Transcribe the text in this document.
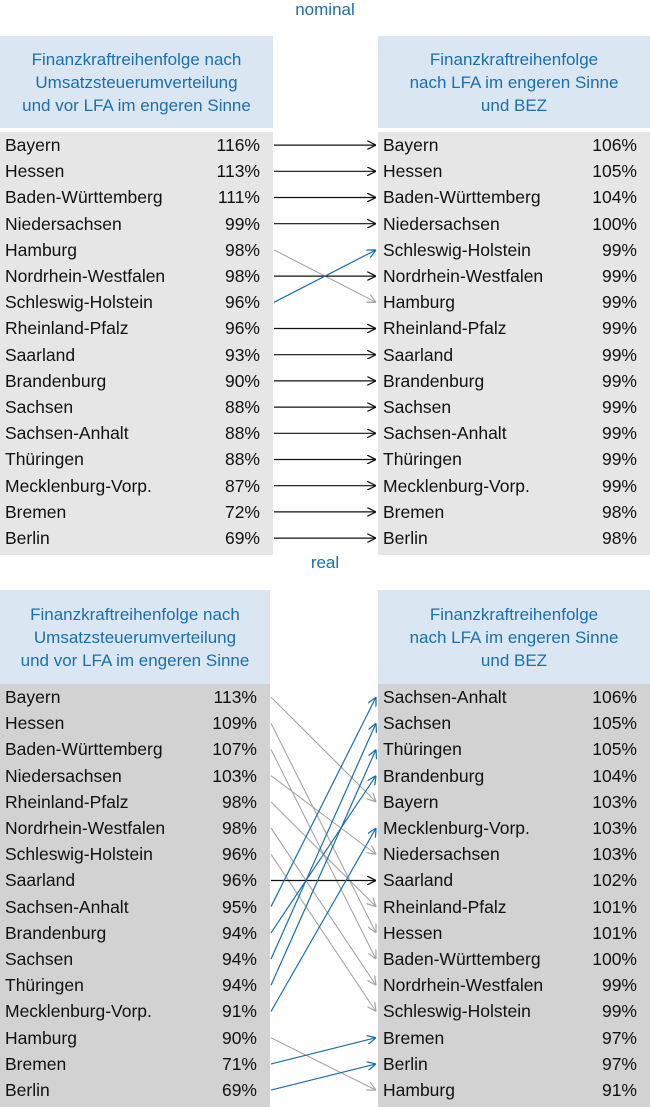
nominal
Finanzkraftreihenfolge nach
Umsatzsteuerumverteilung
und vor LFA im engeren Sinne
Bayern	116%
Hessen	113%
Baden-Württemberg	111%
Niedersachsen	99%
Hamburg	98%
Nordrhein-Westfalen	98%
Schleswig-Holstein	96%
Rheinland-Pfalz	96%
Saarland	93%
Brandenburg	90%
Sachsen	88%
Sachsen-Anhalt	88%
Thüringen	88%
Mecklenburg-Vorp.	87%
Bremen	72%
Berlin	69%
Finanzkraftreihenfolge
nach LFA im engeren Sinne
und BEZ
Bayern	106%
Hessen	105%
Baden-Württemberg	104%
Niedersachsen	100%
Schleswig-Holstein	99%
Nordrhein-Westfalen	99%
Hamburg	99%
Rheinland-Pfalz	99%
Saarland	99%
Brandenburg	99%
Sachsen	99%
Sachsen-Anhalt	99%
Thüringen	99%
Mecklenburg-Vorp.	99%
Bremen	98%
Berlin	98%
real
Finanzkraftreihenfolge nach
Umsatzsteuerumverteilung
und vor LFA im engeren Sinne
Bayern	113%
Hessen	109%
Baden-Württemberg	107%
Niedersachsen	103%
Rheinland-Pfalz	98%
Nordrhein-Westfalen	98%
Schleswig-Holstein	96%
Saarland	96%
Sachsen-Anhalt	95%
Brandenburg	94%
Sachsen	94%
Thüringen	94%
Mecklenburg-Vorp.	91%
Hamburg	90%
Bremen	71%
Berlin	69%
Finanzkraftreihenfolge
nach LFA im engeren Sinne
und BEZ
Sachsen-Anhalt	106%
Sachsen	105%
Thüringen	105%
Brandenburg	104%
Bayern	103%
Mecklenburg-Vorp.	103%
Niedersachsen	103%
Saarland	102%
Rheinland-Pfalz	101%
Hessen	101%
Baden-Württemberg	100%
Nordrhein-Westfalen	99%
Schleswig-Holstein	99%
Bremen	97%
Berlin	97%
Hamburg	91%
